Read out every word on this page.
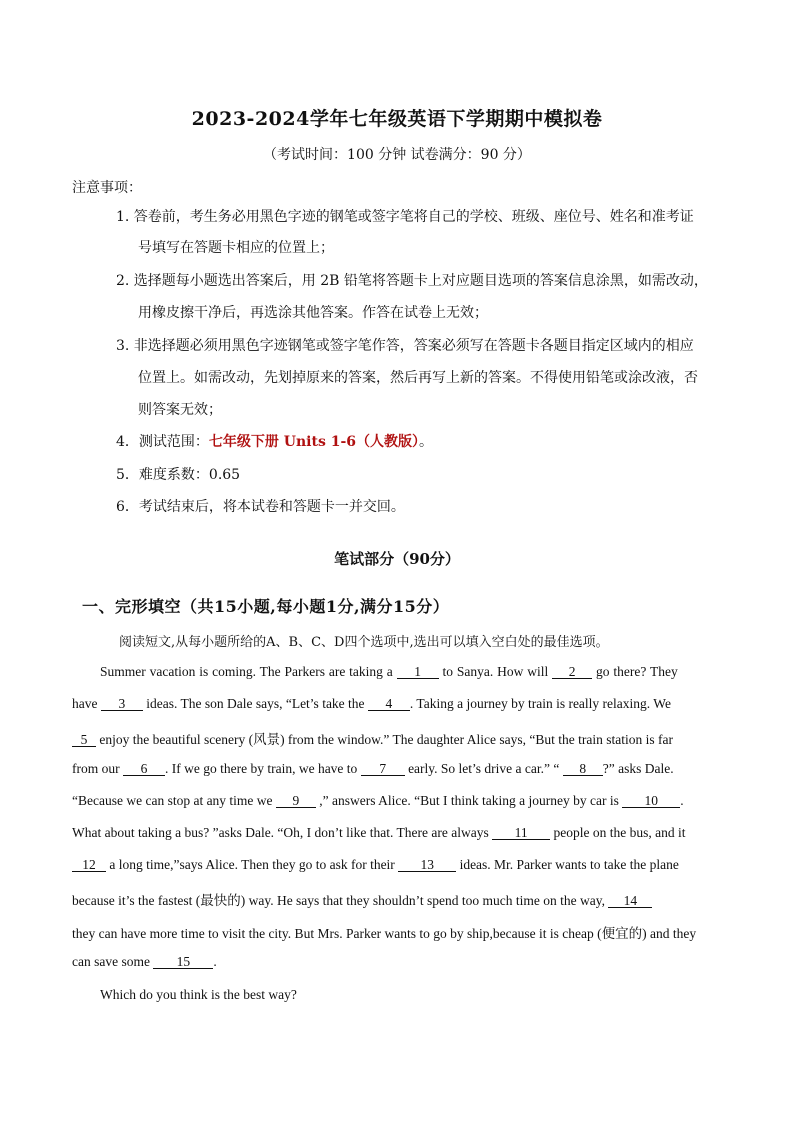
2023-2024学年七年级英语下学期期中模拟卷
（考试时间：100 分钟 试卷满分：90 分）
注意事项：
1. 答卷前，考生务必用黑色字迹的钢笔或签字笔将自己的学校、班级、座位号、姓名和准考证
号填写在答题卡相应的位置上；
2. 选择题每小题选出答案后，用 2B 铅笔将答题卡上对应题目选项的答案信息涂黑，如需改动，
用橡皮擦干净后，再选涂其他答案。作答在试卷上无效；
3. 非选择题必须用黑色字迹钢笔或签字笔作答，答案必须写在答题卡各题目指定区域内的相应
位置上。如需改动，先划掉原来的答案，然后再写上新的答案。不得使用铅笔或涂改液，否
则答案无效；
4．测试范围：七年级下册 Units 1-6（人教版）。
5．难度系数：0.65
6．考试结束后，将本试卷和答题卡一并交回。
笔试部分（90分）
一、完形填空（共15小题,每小题1分,满分15分）
阅读短文,从每小题所给的A、B、C、D四个选项中,选出可以填入空白处的最佳选项。
Summer vacation is coming. The Parkers are taking a 1 to Sanya. How will 2 go there? They
have 3 ideas. The son Dale says, “Let’s take the 4 . Taking a journey by train is really relaxing. We
5 enjoy the beautiful scenery (风景) from the window.” The daughter Alice says, “But the train station is far
from our 6 . If we go there by train, we have to 7 early. So let’s drive a car.” “ 8 ?” asks Dale.
“Because we can stop at any time we 9 ,” answers Alice. “But I think taking a journey by car is 10 .
What about taking a bus? ”asks Dale. “Oh, I don’t like that. There are always 11 people on the bus, and it
12 a long time,”says Alice. Then they go to ask for their 13 ideas. Mr. Parker wants to take the plane
because it’s the fastest (最快的) way. He says that they shouldn’t spend too much time on the way, 14
they can have more time to visit the city. But Mrs. Parker wants to go by ship,because it is cheap (便宜的) and they
can save some 15 .
Which do you think is the best way?
